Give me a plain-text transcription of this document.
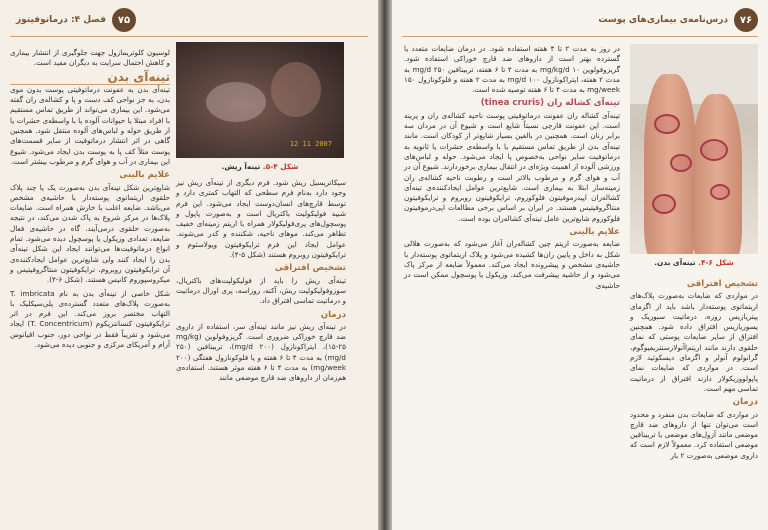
۷۵
فصل ۴: درماتوفیتوز
12 11 2007
شکل ۴-۵. تینه‌آ ریش.

سیکاتریسیل ریش شود. فرم دیگری از تینه‌آی ریش نیز وجود دارد به‌نام فرم سطحی که التهاب کمتری دارد و توسط قارچ‌های انسان‌دوست ایجاد می‌شود. این فرم شبیه فولیکولیت باکتریال است و به‌صورت پاپول و پوسچول‌های پری‌فولیکولار همراه با اریتم زمینه‌ای خفیف تظاهر می‌کند. موهای ناحیه، شکننده و کدر می‌شوند. عوامل ایجاد این فرم ترایکوفیتون ویولاسئوم و ترایکوفیتون روبروم هستند (شکل ۵-۴).

تشخیص افتراقی

تینه‌آی ریش را باید از فولیکولیت‌های باکتریال، سوزوفولیکولیت ریش، آکنه، روزاسه، پری اورال درماتیت و درماتیت تماسی افتراق داد.

درمان

در تینه‌آی ریش نیز مانند تینه‌آی سر، استفاده از داروی ضد قارچ خوراکی ضروری است. گریزوفولوین (mg/kg ۱۵-۲۵)، ایتراکونازول (۲۰۰ mg/d)، تربینافین (۲۵۰ mg/d) به مدت ۴ تا ۶ هفته و یا فلوکونازول هفتگی (۲۰۰ mg/week) به مدت ۴ تا ۶ هفته موثر هستند. استفاده‌ی هم‌زمان از داروهای ضد قارچ موضعی مانند

لوسیون کلوتریمازول جهت جلوگیری از انتشار بیماری و کاهش احتمال سرایت به دیگران مفید است.

تینه‌آی بدن

تینه‌آی بدن به عفونت درماتوفیتی پوست بدون موی بدن، به جز نواحی کف دست و پا و کشاله‌ی ران گفته می‌شود. این بیماری می‌تواند از طریق تماس مستقیم با افراد مبتلا یا حیوانات آلوده یا با واسطه‌ی حشرات یا از طریق حوله و لباس‌های آلوده منتقل شود. همچنین گاهی در اثر انتشار درماتوفیت از سایر قسمت‌های پوست مثلاً کف پا به پوست بدن ایجاد می‌شود. شیوع این بیماری در آب و هوای گرم و مرطوب بیشتر است.

علایم بالینی

شایع‌ترین شکل تینه‌آی بدن به‌صورت یک یا چند پلاک حلقوی اریتماتوی پوسته‌دار با حاشیه‌ی مشخص می‌باشد. ضایعه اغلب با خارش همراه است. ضایعات پلاک‌ها در مرکز شروع به پاک شدن می‌کند، در نتیجه به‌صورت حلقوی درمی‌آیند. گاه در حاشیه‌ی فعال ضایعه، تعدادی وزیکول یا پوسچول دیده می‌شود. تمام انواع درماتوفیت‌ها می‌توانند ایجاد این شکل تینه‌آی بدن را ایجاد کنند ولی شایع‌ترین عوامل ایجادکننده‌ی آن ترایکوفیتون روبروم، ترایکوفیتون منتاگروفیتیس و میکروسپوروم کانیس هستند. (شکل ۶-۴).

شکل خاصی از تینه‌آی بدن به نام T. imbricata به‌صورت پلاک‌های متعدد گسترده‌ی پلی‌سیکلیک با التهاب مختصر بروز می‌کند. این فرم در اثر ترایکوفیتون کنسانتریکوم (T. Concentricum) ایجاد می‌شود و تقریباً فقط در نواحی دور، جنوب اقیانوس آرام و آمریکای مرکزی و جنوبی دیده می‌شود.

۷۶
درس‌نامه‌ی بیماری‌های پوست
شکل ۶-۴. تینه‌آی بدن.

در روز به مدت ۲ تا ۴ هفته استفاده شود. در درمان ضایعات متعدد یا گسترده بهتر است از داروهای ضد قارچ خوراکی استفاده شود. گریزوفولوین mg/kg/d ۱۰ به مدت ۴ تا ۶ هفته، تربینافین ۲۵۰ mg/d به مدت ۲ هفته، ایتراکونازول ۱۰۰ mg/d به مدت ۲ هفته و فلوکونازول ۱۵۰ mg/week به مدت ۴ تا ۶ هفته توصیه شده است.

تینه‌آی کشاله ران (tinea cruris)

تینه‌آی کشاله ران عفونت درماتوفیتی پوست ناحیه کشاله‌ی ران و پرینه است. این عفونت قارچی نسبتاً شایع است و شیوع آن در مردان سه برابر زنان است. همچنین در بالغین بسیار شایع‌تر از کودکان است. مانند تینه‌آی بدن از طریق تماس مستقیم یا با واسطه‌ی حشرات یا ثانویه به درماتوفیت سایر نواحی به‌خصوص پا ایجاد می‌شود. حوله و لباس‌های ورزشی آلوده از اهمیت ویژه‌ای در انتقال بیماری برخوردارند. شیوع آن در آب و هوای گرم و مرطوب بالاتر است و رطوبت ناحیه کشاله‌ی ران زمینه‌ساز ابتلا به بیماری است. شایع‌ترین عوامل ایجادکننده‌ی تینه‌آی کشاله‌ران اپیدرموفیتون فلوکوزوم، ترایکوفیتون روبروم و ترایکوفیتون منتاگروفیتیس هستند. در ایران بر اساس برخی مطالعات اپی‌درموفیتون فلوکوزوم شایع‌ترین عامل تینه‌آی کشاله‌ران بوده است.

علایم بالینی

ضایعه به‌صورت اریتم چین کشاله‌ران آغاز می‌شود که به‌صورت هلالی شکل به داخل و پایین ران‌ها کشیده می‌شود و پلاک اریتماتوی پوسته‌دار با حاشیه‌ی مشخص و پیشرونده ایجاد می‌کند. معمولاً ضایعه از مرکز پاک می‌شود و از حاشیه پیشرفت می‌کند. وزیکول یا پوسچول ممکن است در حاشیه‌ی	تشخیص افتراقی

در مواردی که ضایعات به‌صورت پلاک‌های اریتماتوی پوسته‌دار باشد باید از اگزمای پیتریازیس روزه، درماتیت سبوریک و پسوریازیس افتراق داده شود. همچنین افتراق از سایر ضایعات پوستی که نمای حلقوی دارند مانند اریتم‌اآنولارسنتریفیوگوم، گرانولوم آنولر و اگزمای دیسکوئید لازم است. در مواردی که ضایعات نمای پاپولووزیکولار دارند افتراق از درماتیت تماسی مهم است.

درمان

در مواردی که ضایعات بدن منفرد و محدود است می‌توان تنها از داروهای ضد قارچ موضعی مانند آزول‌های موضعی یا تربینافین موضعی استفاده کرد. معمولاً لازم است که داروی موضعی به‌صورت ۲ بار
